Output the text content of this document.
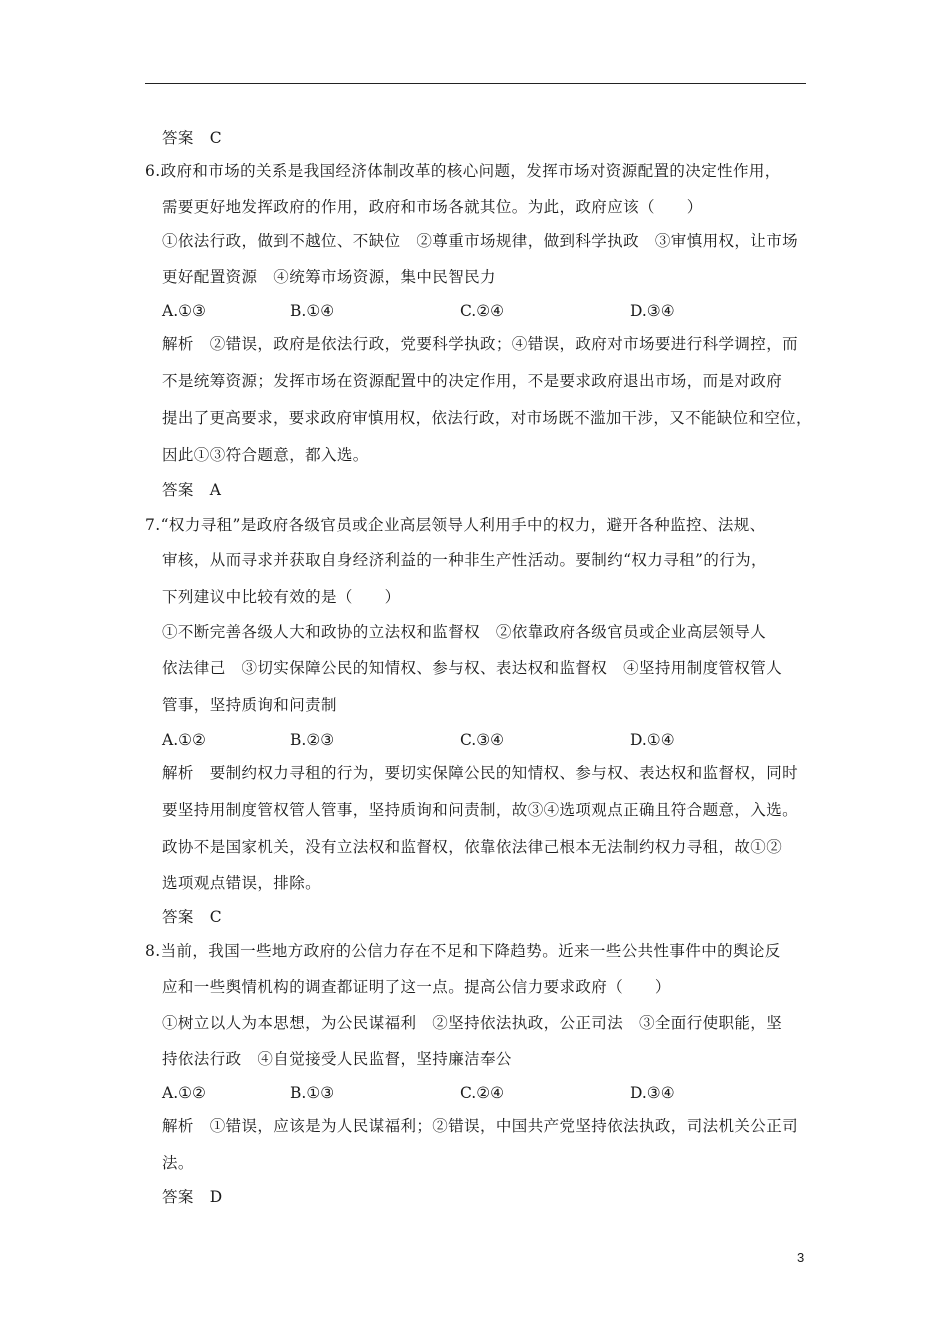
答案　C
6.政府和市场的关系是我国经济体制改革的核心问题，发挥市场对资源配置的决定性作用，
需要更好地发挥政府的作用，政府和市场各就其位。为此，政府应该（　　）
①依法行政，做到不越位、不缺位　②尊重市场规律，做到科学执政　③审慎用权，让市场
更好配置资源　④统筹市场资源，集中民智民力
A.①③	B.①④	C.②④	D.③④
解析　②错误，政府是依法行政，党要科学执政；④错误，政府对市场要进行科学调控，而
不是统筹资源；发挥市场在资源配置中的决定作用，不是要求政府退出市场，而是对政府
提出了更高要求，要求政府审慎用权，依法行政，对市场既不滥加干涉，又不能缺位和空位，
因此①③符合题意，都入选。
答案　A
7.“权力寻租”是政府各级官员或企业高层领导人利用手中的权力，避开各种监控、法规、
审核，从而寻求并获取自身经济利益的一种非生产性活动。要制约“权力寻租”的行为，
下列建议中比较有效的是（　　）
①不断完善各级人大和政协的立法权和监督权　②依靠政府各级官员或企业高层领导人
依法律己　③切实保障公民的知情权、参与权、表达权和监督权　④坚持用制度管权管人
管事，坚持质询和问责制
A.①②	B.②③	C.③④	D.①④
解析　要制约权力寻租的行为，要切实保障公民的知情权、参与权、表达权和监督权，同时
要坚持用制度管权管人管事，坚持质询和问责制，故③④选项观点正确且符合题意，入选。
政协不是国家机关，没有立法权和监督权，依靠依法律己根本无法制约权力寻租，故①②
选项观点错误，排除。
答案　C
8.当前，我国一些地方政府的公信力存在不足和下降趋势。近来一些公共性事件中的舆论反
应和一些舆情机构的调查都证明了这一点。提高公信力要求政府（　　）
①树立以人为本思想，为公民谋福利　②坚持依法执政，公正司法　③全面行使职能，坚
持依法行政　④自觉接受人民监督，坚持廉洁奉公
A.①②	B.①③	C.②④	D.③④
解析　①错误，应该是为人民谋福利；②错误，中国共产党坚持依法执政，司法机关公正司
法。
答案　D
3
